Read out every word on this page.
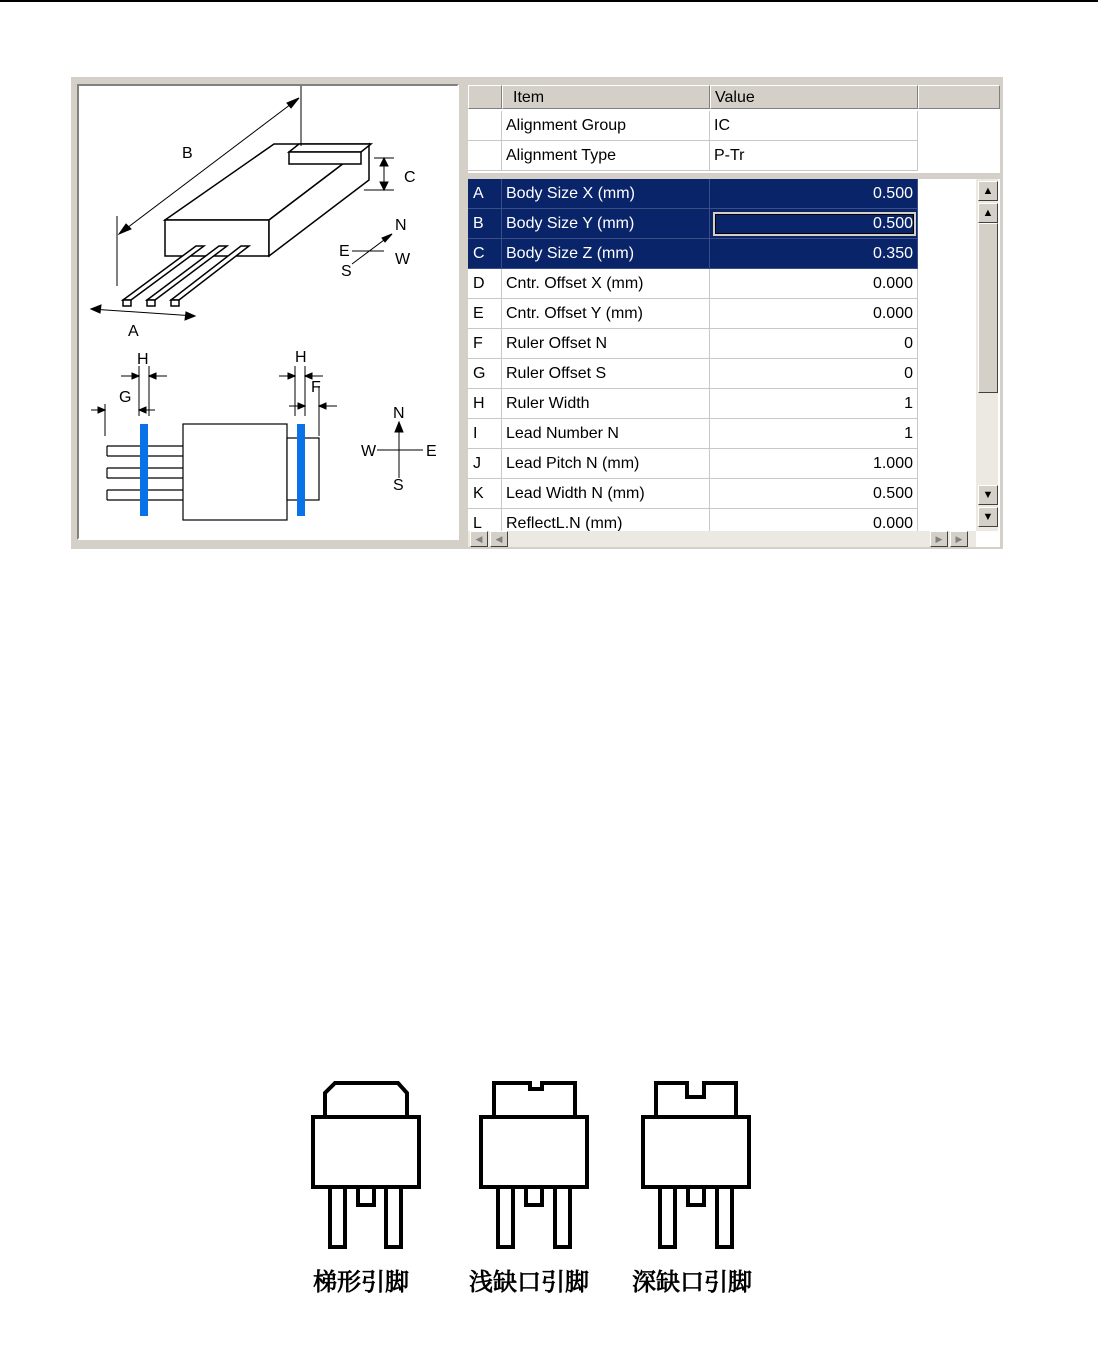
B
C
A
N
E	W
S
H
G
H
F
N
W	E
S
Item	Value
Alignment Group	IC
Alignment Type	P-Tr
A	Body Size X (mm)	0.500
B	Body Size Y (mm)	0.500
C	Body Size Z (mm)	0.350
D	Cntr. Offset X (mm)	0.000
E	Cntr. Offset Y (mm)	0.000
F	Ruler Offset N	0
G	Ruler Offset S	0
H	Ruler Width	1
I	Lead Number N	1
J	Lead Pitch N (mm)	1.000
K	Lead Width N (mm)	0.500
L	ReflectL.N (mm)	0.000
▲
▲
▼
▼
◀	◀	▶	▶
梯形引脚	浅缺口引脚 深缺口引脚
